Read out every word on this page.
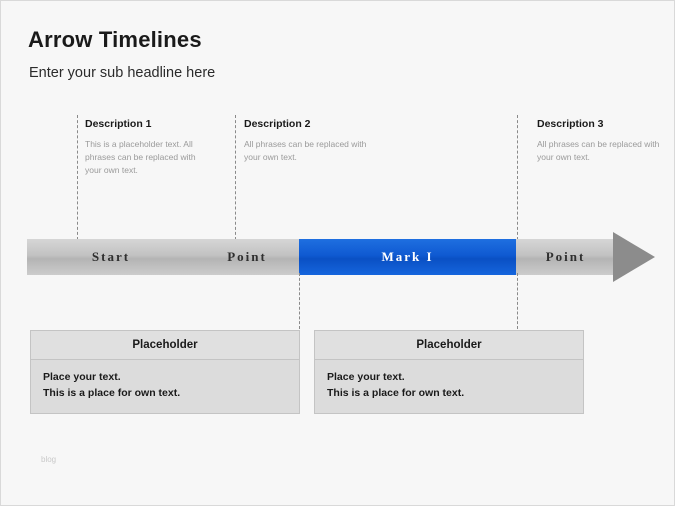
Arrow Timelines
Enter your sub headline here
Description 1
This is a placeholder text. All phrases can be replaced with your own text.
Description 2
All phrases can be replaced with your own text.
Description 3
All phrases can be replaced with your own text.
Start	Point	Mark I	Point
Placeholder
Place your text.
This is a place for own text.
Placeholder
Place your text.
This is a place for own text.
blog
